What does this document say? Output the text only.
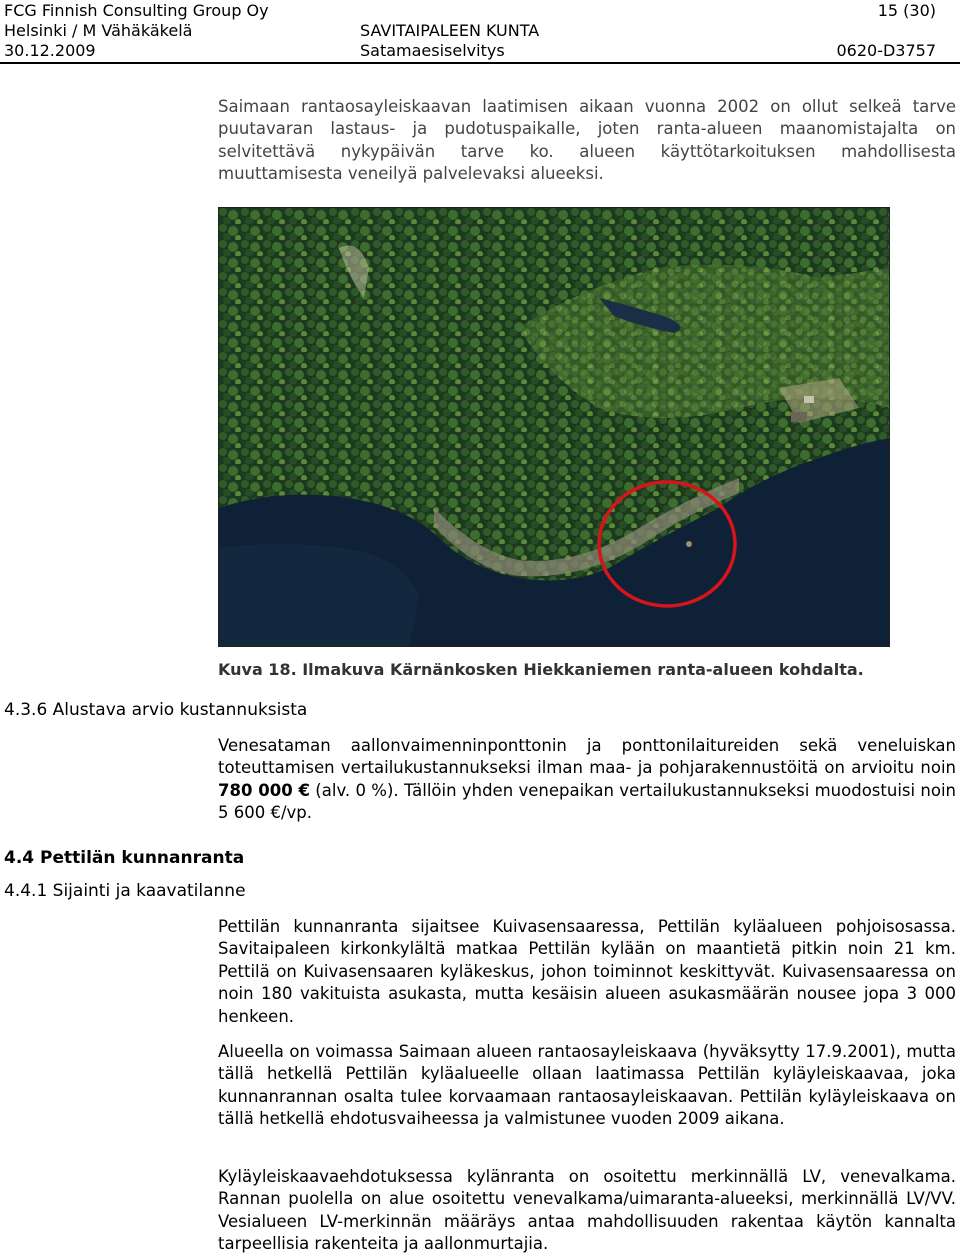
FCG Finnish Consulting Group Oy
Helsinki / M Vähäkäkelä
30.12.2009
SAVITAIPALEEN KUNTA
Satamaesiselvitys
15 (30)
0620-D3757

Saimaan rantaosayleiskaavan laatimisen aikaan vuonna 2002 on ollut selkeä tarve puutavaran lastaus- ja pudotuspaikalle, joten ranta-alueen maanomistajalta on selvitettävä nykypäivän tarve ko. alueen käyttötarkoituksen mahdollisesta muuttamisesta veneilyä palvelevaksi alueeksi.

Kuva 18. Ilmakuva Kärnänkosken Hiekkaniemen ranta-alueen kohdalta.
4.3.6 Alustava arvio kustannuksista

Venesataman aallonvaimenninponttonin ja ponttonilaitureiden sekä veneluiskan toteuttamisen vertailukustannukseksi ilman maa- ja pohjarakennustöitä on arvioitu noin 780 000 € (alv. 0 %). Tällöin yhden venepaikan vertailukustannukseksi muodostuisi noin 5 600 €/vp.

4.4 Pettilän kunnanranta
4.4.1 Sijainti ja kaavatilanne

Pettilän kunnanranta sijaitsee Kuivasensaaressa, Pettilän kyläalueen pohjoisosassa. Savitaipaleen kirkonkylältä matkaa Pettilän kylään on maantietä pitkin noin 21 km. Pettilä on Kuivasensaaren kyläkeskus, johon toiminnot keskittyvät. Kuivasensaaressa on noin 180 vakituista asukasta, mutta kesäisin alueen asukasmäärän nousee jopa 3 000 henkeen.

Alueella on voimassa Saimaan alueen rantaosayleiskaava (hyväksytty 17.9.2001), mutta tällä hetkellä Pettilän kyläalueelle ollaan laatimassa Pettilän kyläyleiskaavaa, joka kunnanrannan osalta tulee korvaamaan rantaosayleiskaavan. Pettilän kyläyleiskaava on tällä hetkellä ehdotusvaiheessa ja valmistunee vuoden 2009 aikana.

Kyläyleiskaavaehdotuksessa kylänranta on osoitettu merkinnällä LV, venevalkama. Rannan puolella on alue osoitettu venevalkama/uimaranta-alueeksi, merkinnällä LV/VV. Vesialueen LV-merkinnän määräys antaa mahdollisuuden rakentaa käytön kannalta tarpeellisia rakenteita ja aallonmurtajia.
